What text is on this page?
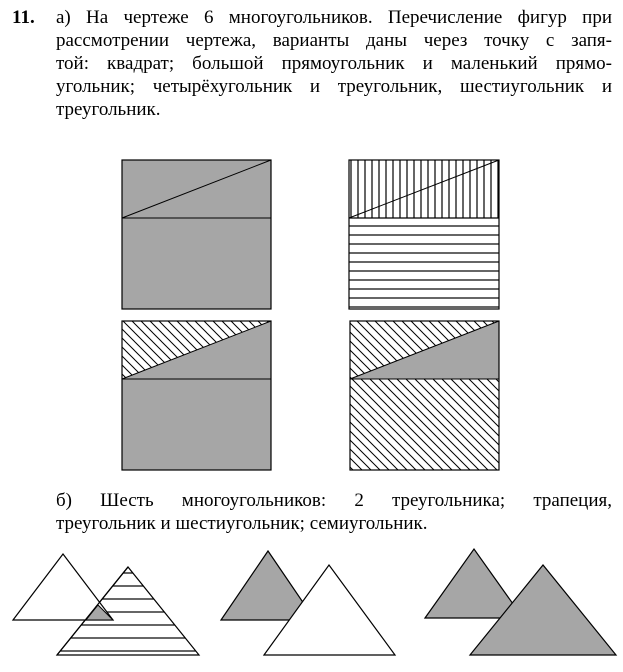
11.	а) На чертеже 6 многоугольников. Перечисление фигур при
рассмотрении чертежа, варианты даны через точку с запя-
той: квадрат; большой прямоугольник и маленький прямо-
угольник; четырёхугольник и треугольник, шестиугольник и
треугольник.
б) Шесть многоугольников: 2 треугольника; трапеция,
треугольник и шестиугольник; семиугольник.
